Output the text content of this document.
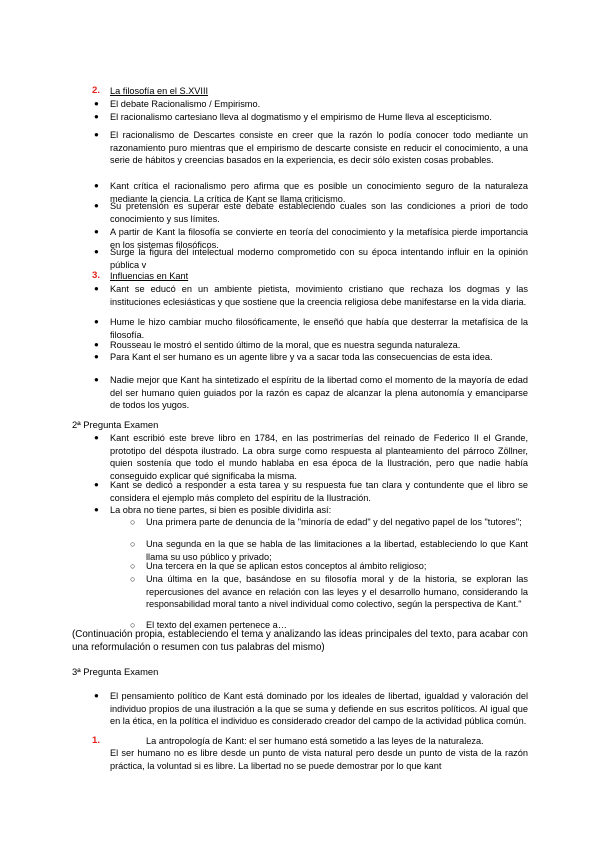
2. La filosofía en el S.XVIII
● El debate Racionalismo / Empirismo.
● El racionalismo cartesiano lleva al dogmatismo y el empirismo de Hume lleva al escepticismo.
● El racionalismo de Descartes consiste en creer que la razón lo podía conocer todo mediante un razonamiento puro mientras que el empirismo de descarte consiste en reducir el conocimiento, a una serie de hábitos y creencias basados en la experiencia, es decir sólo existen cosas probables.
● Kant crítica el racionalismo pero afirma que es posible un conocimiento seguro de la naturaleza mediante la ciencia. La crítica de Kant se llama criticismo.
● Su pretensión es superar este debate estableciendo cuales son las condiciones a priori de todo conocimiento y sus límites.
● A partir de Kant la filosofía se convierte en teoría del conocimiento y la metafísica pierde importancia en los sistemas filosóficos.
● Surge la figura del intelectual moderno comprometido con su época intentando influir en la opinión pública v
3. Influencias en Kant
● Kant se educó en un ambiente pietista, movimiento cristiano que rechaza los dogmas y las instituciones eclesiásticas y que sostiene que la creencia religiosa debe manifestarse en la vida diaria.
● Hume le hizo cambiar mucho filosóficamente, le enseñó que había que desterrar la metafísica de la filosofía.
● Rousseau le mostró el sentido último de la moral, que es nuestra segunda naturaleza.
● Para Kant el ser humano es un agente libre y va a sacar toda las consecuencias de esta idea.
● Nadie mejor que Kant ha sintetizado el espíritu de la libertad como el momento de la mayoría de edad del ser humano quien guiados por la razón es capaz de alcanzar la plena autonomía y emanciparse de todos los yugos.
2ª Pregunta Examen
● Kant escribió este breve libro en 1784, en las postrimerías del reinado de Federico II el Grande, prototipo del déspota ilustrado. La obra surge como respuesta al planteamiento del párroco Zöllner, quien sostenía que todo el mundo hablaba en esa época de la Ilustración, pero que nadie había conseguido explicar qué significaba la misma.
● Kant se dedicó a responder a esta tarea y su respuesta fue tan clara y contundente que el libro se considera el ejemplo más completo del espíritu de la Ilustración.
● La obra no tiene partes, si bien es posible dividirla así:
○ Una primera parte de denuncia de la "minoría de edad" y del negativo papel de los "tutores";
○ Una segunda en la que se habla de las limitaciones a la libertad, estableciendo lo que Kant llama su uso público y privado;
○ Una tercera en la que se aplican estos conceptos al ámbito religioso;
○ Una última en la que, basándose en su filosofía moral y de la historia, se exploran las repercusiones del avance en relación con las leyes y el desarrollo humano, considerando la responsabilidad moral tanto a nivel individual como colectivo, según la perspectiva de Kant."
○ El texto del examen pertenece a…
(Continuación propia, estableciendo el tema y analizando las ideas principales del texto, para acabar con una reformulación o resumen con tus palabras del mismo)
3ª Pregunta Examen
● El pensamiento político de Kant está dominado por los ideales de libertad, igualdad y valoración del individuo propios de una ilustración a la que se suma y defiende en sus escritos políticos. Al igual que en la ética, en la política el individuo es considerado creador del campo de la actividad pública común.
1.	La antropología de Kant: el ser humano está sometido a las leyes de la naturaleza.
El ser humano no es libre desde un punto de vista natural pero desde un punto de vista de la razón práctica, la voluntad si es libre. La libertad no se puede demostrar por lo que kant
